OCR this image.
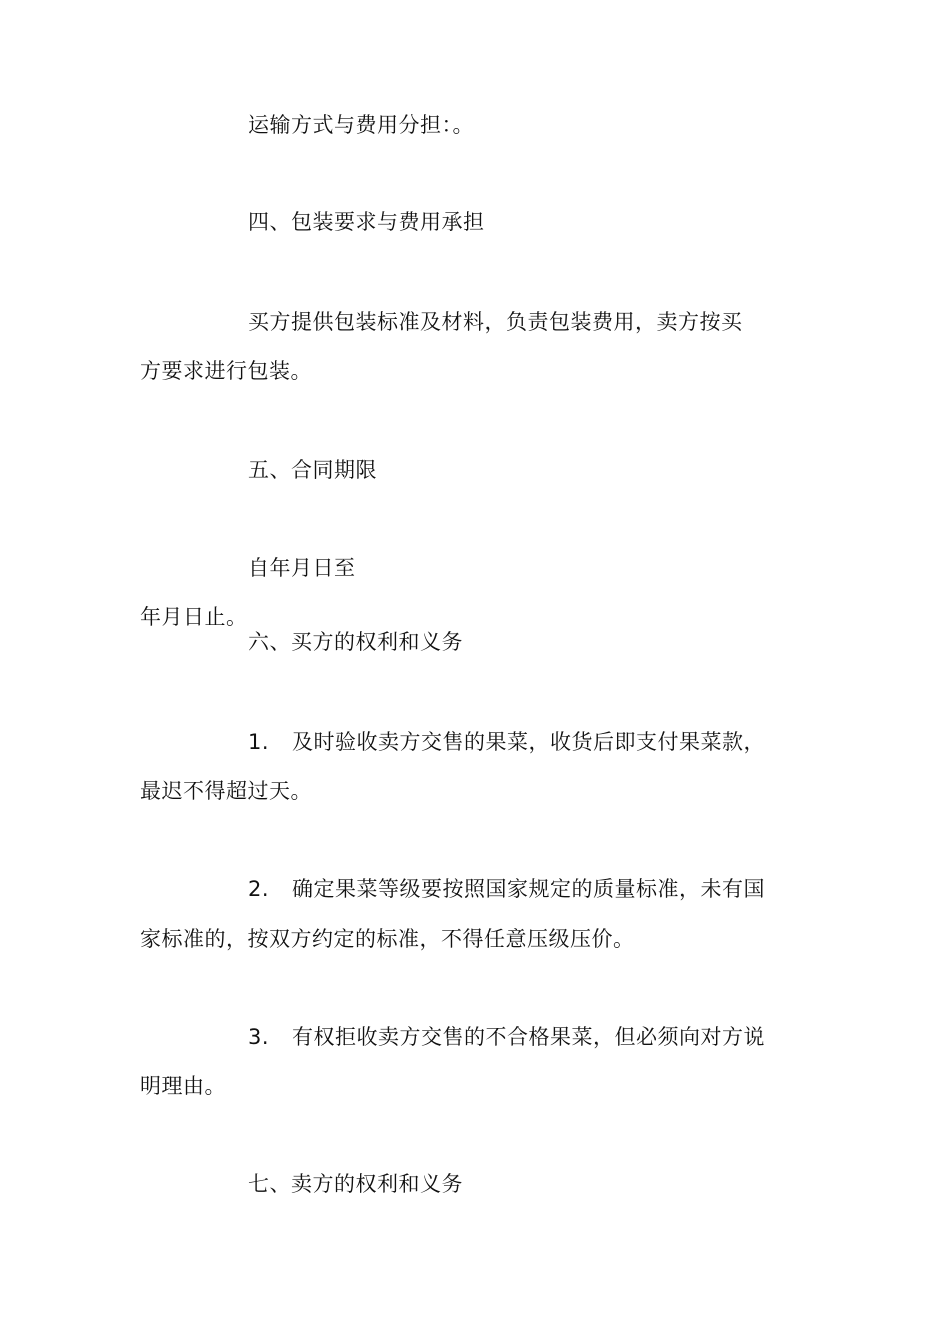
运输方式与费用分担：。
四、包装要求与费用承担
买方提供包装标准及材料，负责包装费用，卖方按买
方要求进行包装。
五、合同期限
自年月日至
年月日止。
六、买方的权利和义务
1. 及时验收卖方交售的果菜，收货后即支付果菜款，
最迟不得超过天。
2. 确定果菜等级要按照国家规定的质量标准，未有国
家标准的，按双方约定的标准，不得任意压级压价。
3. 有权拒收卖方交售的不合格果菜，但必须向对方说
明理由。
七、卖方的权利和义务
